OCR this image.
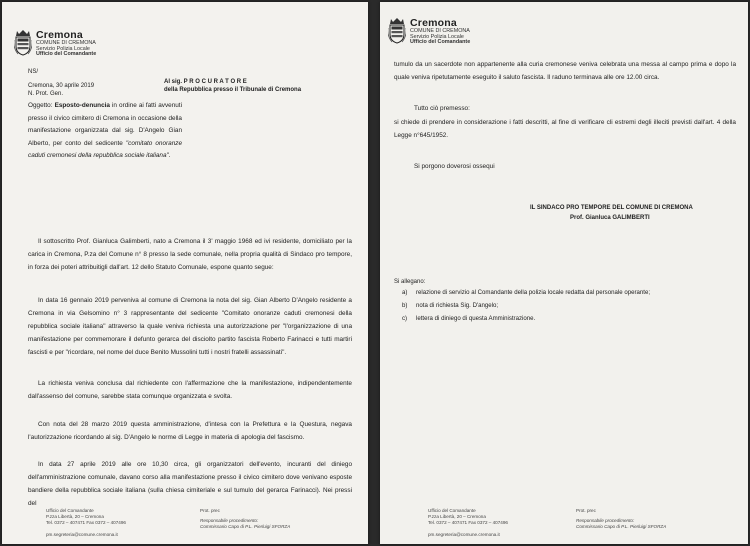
Cremona
COMUNE DI CREMONA
Servizio Polizia Locale
Ufficio del Comandante
NS/
Cremona, 30 aprile 2019
N. Prot. Gen.
Al sig. P R O C U R A T O R E
della Repubblica presso il Tribunale di Cremona
Oggetto: Esposto-denuncia in ordine ai fatti avvenuti presso il civico cimitero di Cremona in occasione della manifestazione organizzata dal sig. D'Angelo Gian Alberto, per conto del sedicente "comitato onoranze caduti cremonesi della repubblica sociale italiana".

Il sottoscritto Prof. Gianluca Galimberti, nato a Cremona il 3' maggio 1968 ed ivi residente, domiciliato per la carica in Cremona, P.za del Comune n° 8 presso la sede comunale, nella propria qualità di Sindaco pro tempore, in forza dei poteri attribuitigli dall'art. 12 dello Statuto Comunale, espone quanto segue:

In data 16 gennaio 2019 perveniva al comune di Cremona la nota del sig. Gian Alberto D'Angelo residente a Cremona in via Gelsomino n° 3 rappresentante del sedicente "Comitato onoranze caduti cremonesi della repubblica sociale italiana" attraverso la quale veniva richiesta una autorizzazione per "l'organizzazione di una manifestazione per commemorare il defunto gerarca del disciolto partito fascista Roberto Farinacci e tutti martiri fascisti e per "ricordare, nel nome del duce Benito Mussolini tutti i nostri fratelli assassinati".

La richiesta veniva conclusa dal richiedente con l'affermazione che la manifestazione, indipendentemente dall'assenso del comune, sarebbe stata comunque organizzata e svolta.

Con nota del 28 marzo 2019 questa amministrazione, d'intesa con la Prefettura e la Questura, negava l'autorizzazione ricordando al sig. D'Angelo le norme di Legge in materia di apologia del fascismo.

In data 27 aprile 2019 alle ore 10,30 circa, gli organizzatori dell'evento, incuranti del diniego dell'amministrazione comunale, davano corso alla manifestazione presso il civico cimitero dove venivano esposte bandiere della repubblica sociale italiana (sulla chiesa cimiteriale e sul tumulo del gerarca Farinacci). Nei pressi del

Ufficio del Comandante
P.zza Libertà, 20 – Cremona
Tel. 0372 – 407471 Fax 0372 – 407496
pm.segreteria@comune.cremona.it
Prot. prec
Responsabile procedimento:
Commissario Capo di P.L. Pierluigi SFORZA
Cremona
COMUNE DI CREMONA
Servizio Polizia Locale
Ufficio del Comandante

tumulo da un sacerdote non appartenente alla curia cremonese veniva celebrata una messa al campo prima e dopo la quale veniva ripetutamente eseguito il saluto fascista. Il raduno terminava alle ore 12.00 circa.

Tutto ciò premesso:

si chiede di prendere in considerazione i fatti descritti, al fine di verificare cli estremi degli illeciti previsti dall'art. 4 della Legge n°645/1952.

Si porgono doverosi ossequi

IL SINDACO PRO TEMPORE DEL COMUNE DI CREMONA
Prof. Gianluca GALIMBERTI
Si allegano:
a) relazione di servizio al Comandante della polizia locale redatta dal personale operante;
b) nota di richiesta Sig. D'angelo;
c) lettera di diniego di questa Amministrazione.
Ufficio del Comandante
P.zza Libertà, 20 – Cremona
Tel. 0372 – 407471 Fax 0372 – 407496
pm.segreteria@comune.cremona.it
Prot. prec
Responsabile procedimento:
Commissario Capo di P.L. Pierluigi SFORZA
